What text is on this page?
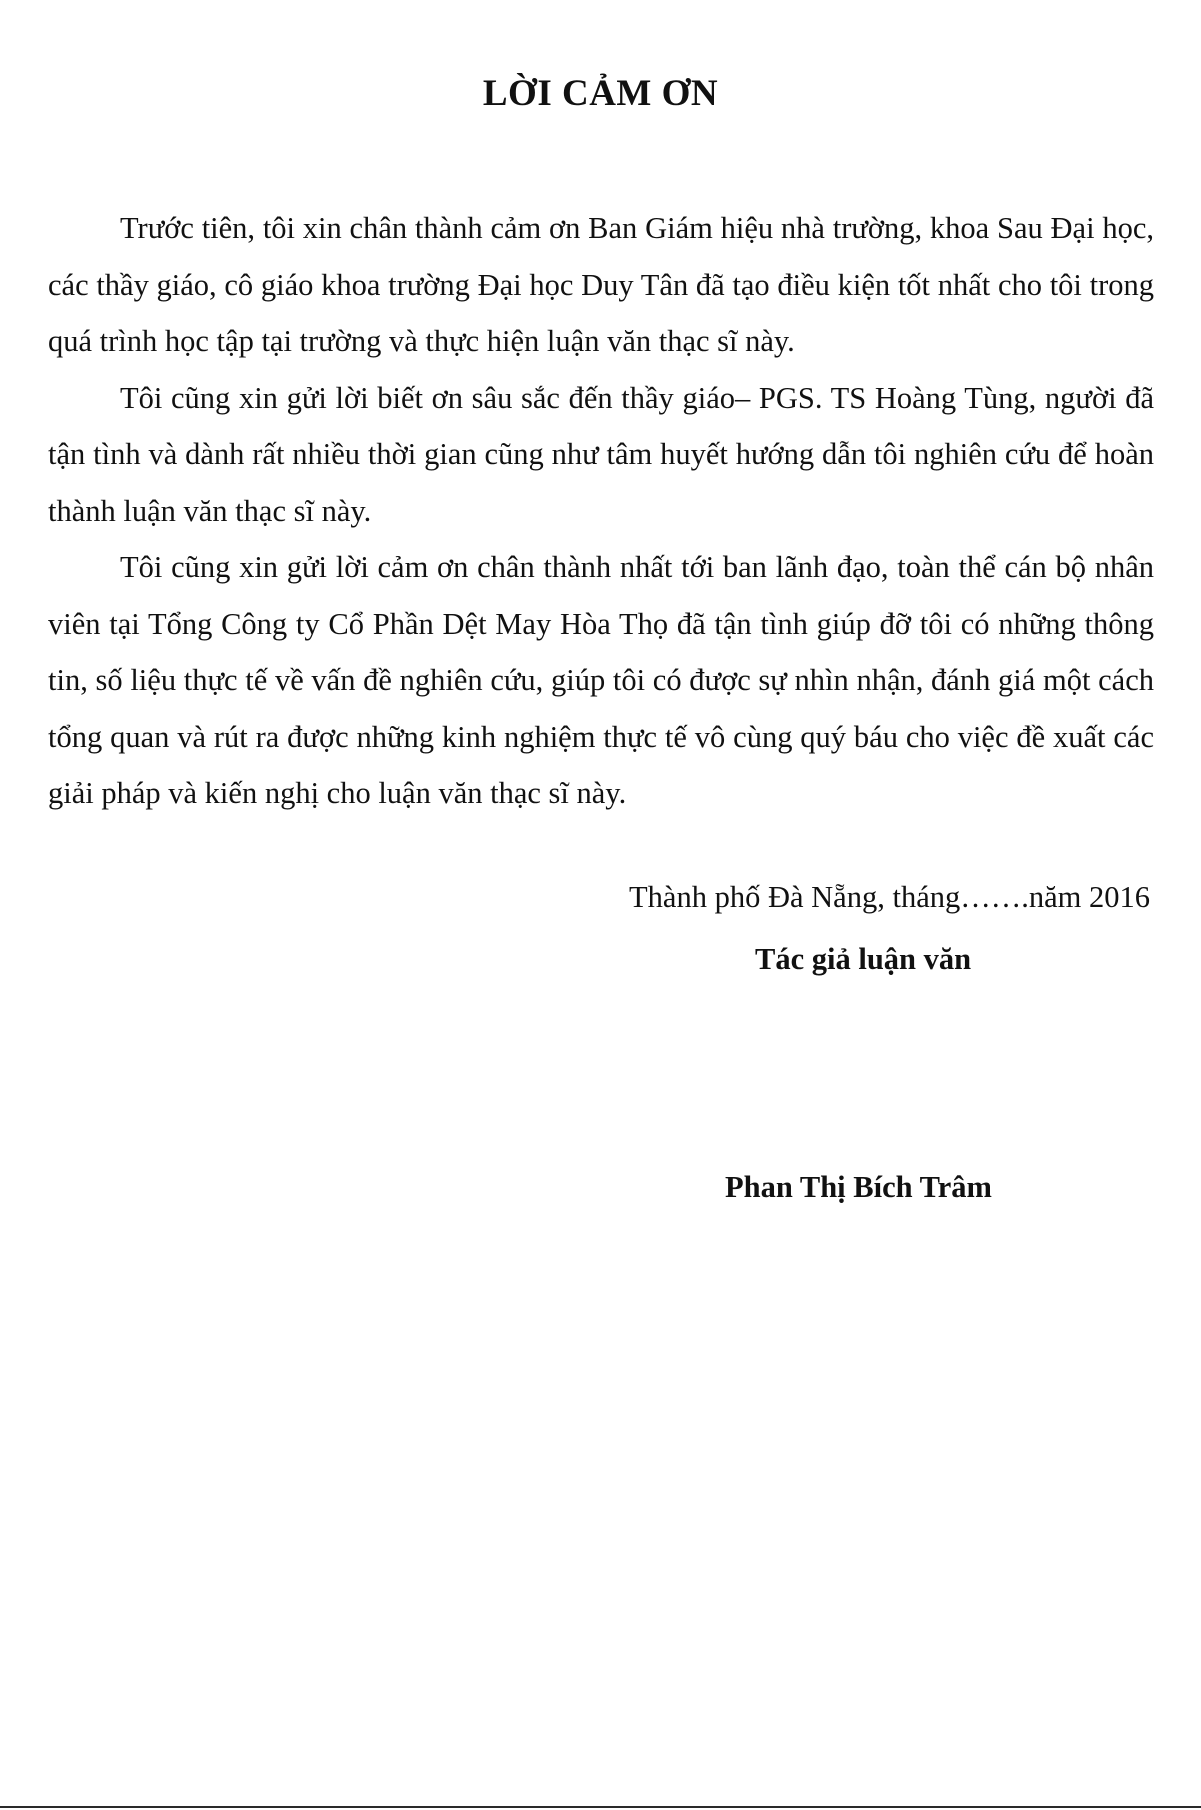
LỜI CẢM ƠN

Trước tiên, tôi xin chân thành cảm ơn Ban Giám hiệu nhà trường, khoa Sau Đại học, các thầy giáo, cô giáo khoa trường Đại học Duy Tân đã tạo điều kiện tốt nhất cho tôi trong quá trình học tập tại trường và thực hiện luận văn thạc sĩ này.

Tôi cũng xin gửi lời biết ơn sâu sắc đến thầy giáo– PGS. TS Hoàng Tùng, người đã tận tình và dành rất nhiều thời gian cũng như tâm huyết hướng dẫn tôi nghiên cứu để hoàn thành luận văn thạc sĩ này.

Tôi cũng xin gửi lời cảm ơn chân thành nhất tới ban lãnh đạo, toàn thể cán bộ nhân viên tại Tổng Công ty Cổ Phần Dệt May Hòa Thọ đã tận tình giúp đỡ tôi có những thông tin, số liệu thực tế về vấn đề nghiên cứu, giúp tôi có được sự nhìn nhận, đánh giá một cách tổng quan và rút ra được những kinh nghiệm thực tế vô cùng quý báu cho việc đề xuất các giải pháp và kiến nghị cho luận văn thạc sĩ này.

Thành phố Đà Nẵng, tháng…….năm 2016
Tác giả luận văn
Phan Thị Bích Trâm
